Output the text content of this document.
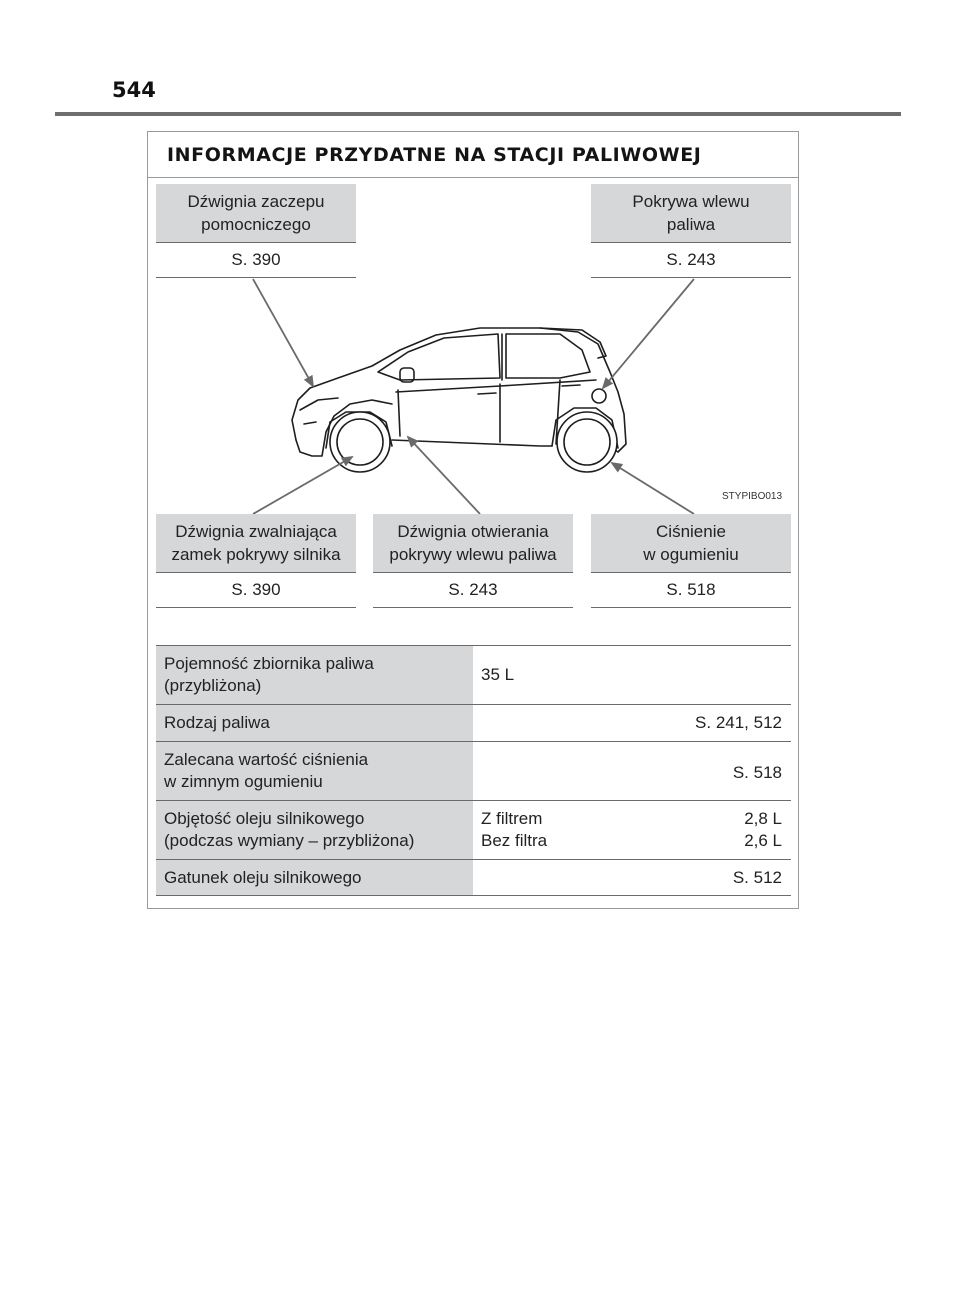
544
INFORMACJE PRZYDATNE NA STACJI PALIWOWEJ
STYPIBO013
Dźwignia zaczepu
pomocniczego
S. 390
Pokrywa wlewu
paliwa
S. 243
Dźwignia zwalniająca
zamek pokrywy silnika
S. 390
Dźwignia otwierania
pokrywy wlewu paliwa
S. 243
Ciśnienie
w ogumieniu
S. 518
Pojemność zbiornika paliwa
(przybliżona)
35 L
Rodzaj paliwa	S. 241, 512
Zalecana wartość ciśnienia
w zimnym ogumieniu	S. 518
Objętość oleju silnikowego
(podczas wymiany – przybliżona)
Z filtrem	2,8 L
Bez filtra	2,6 L
Gatunek oleju silnikowego	S. 512
